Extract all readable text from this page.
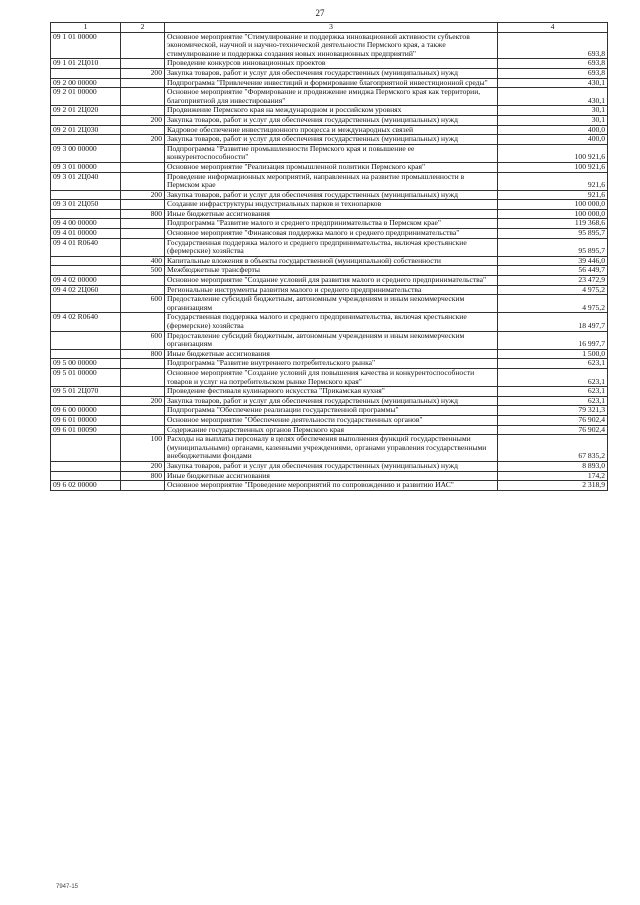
27
1	2	3	4
09 1 01 00000		Основное мероприятие "Стимулирование и поддержка инновационной активности субъектов экономической, научной и научно-технической деятельности Пермского края, а также стимулирование и поддержка создания новых инновационных предприятий"	693,8
09 1 01 2Ц010		Проведение конкурсов инновационных проектов	693,8
	200	Закупка товаров, работ и услуг для обеспечения государственных (муниципальных) нужд	693,8
09 2 00 00000		Подпрограмма "Привлечение инвестиций и формирование благоприятной инвестиционной среды"	430,1
09 2 01 00000		Основное мероприятие "Формирование и продвижение имиджа Пермского края как территории, благоприятной для инвестирования"	430,1
09 2 01 2Ц020		Продвижение Пермского края на международном и российском уровнях	30,1
	200	Закупка товаров, работ и услуг для обеспечения государственных (муниципальных) нужд	30,1
09 2 01 2Ц030		Кадровое обеспечение инвестиционного процесса и международных связей	400,0
	200	Закупка товаров, работ и услуг для обеспечения государственных (муниципальных) нужд	400,0
09 3 00 00000		Подпрограмма "Развитие промышленности Пермского края и повышение ее конкурентоспособности"	100 921,6
09 3 01 00000		Основное мероприятие "Реализация промышленной политики Пермского края"	100 921,6
09 3 01 2Ц040		Проведение информационных мероприятий, направленных на развитие промышленности в Пермском крае	921,6
	200	Закупка товаров, работ и услуг для обеспечения государственных (муниципальных) нужд	921,6
09 3 01 2Ц050		Создание инфраструктуры индустриальных парков и технопарков	100 000,0
	800	Иные бюджетные ассигнования	100 000,0
09 4 00 00000		Подпрограмма "Развитие малого и среднего предпринимательства в Пермском крае"	119 368,6
09 4 01 00000		Основное мероприятие "Финансовая поддержка малого и среднего предпринимательства"	95 895,7
09 4 01 R0640		Государственная поддержка малого и среднего предпринимательства, включая крестьянские (фермерские) хозяйства	95 895,7
	400	Капитальные вложения в объекты государственной (муниципальной) собственности	39 446,0
	500	Межбюджетные трансферты	56 449,7
09 4 02 00000		Основное мероприятие "Создание условий для развития малого и среднего предпринимательства"	23 472,9
09 4 02 2Ц060		Региональные инструменты развития малого и среднего предпринимательства	4 975,2
	600	Предоставление субсидий бюджетным, автономным учреждениям и иным некоммерческим организациям	4 975,2
09 4 02 R0640		Государственная поддержка малого и среднего предпринимательства, включая крестьянские (фермерские) хозяйства	18 497,7
	600	Предоставление субсидий бюджетным, автономным учреждениям и иным некоммерческим организациям	16 997,7
	800	Иные бюджетные ассигнования	1 500,0
09 5 00 00000		Подпрограмма "Развитие внутреннего потребительского рынка"	623,1
09 5 01 00000		Основное мероприятие "Создание условий для повышения качества и конкурентоспособности товаров и услуг на потребительском рынке Пермского края"	623,1
09 5 01 2Ц070		Проведение фестиваля кулинарного искусства "Прикамская кухня"	623,1
	200	Закупка товаров, работ и услуг для обеспечения государственных (муниципальных) нужд	623,1
09 6 00 00000		Подпрограмма "Обеспечение реализации государственной программы"	79 321,3
09 6 01 00000		Основное мероприятие "Обеспечение деятельности государственных органов"	76 902,4
09 6 01 00090		Содержание государственных органов Пермского края	76 902,4
	100	Расходы на выплаты персоналу в целях обеспечения выполнения функций государственными (муниципальными) органами, казенными учреждениями, органами управления государственными внебюджетными фондами	67 835,2
	200	Закупка товаров, работ и услуг для обеспечения государственных (муниципальных) нужд	8 893,0
	800	Иные бюджетные ассигнования	174,2
09 6 02 00000		Основное мероприятие "Проведение мероприятий по сопровождению и развитию ИАС"	2 318,9
7947-15
